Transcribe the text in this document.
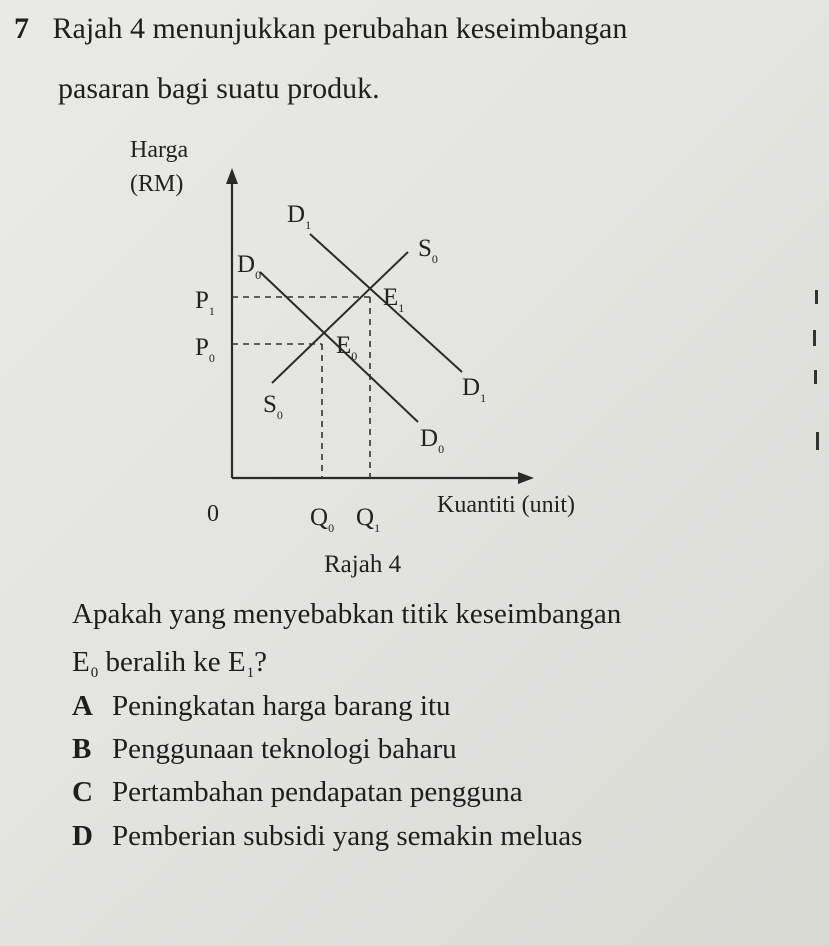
7 Rajah 4 menunjukkan perubahan keseimbangan
pasaran bagi suatu produk.
Harga
(RM)
0	Kuantiti (unit)
$P_1$
$P_0$
$Q_0$ $Q_1$
$D_1$
$D_0$
$S_0$
$E_1$
$E_0$
$S_0$
$D_1$
$D_0$
Rajah 4
Apakah yang menyebabkan titik keseimbangan
$E_0$ beralih ke $E_1$?
A Peningkatan harga barang itu
B Penggunaan teknologi baharu
C Pertambahan pendapatan pengguna
D Pemberian subsidi yang semakin meluas
